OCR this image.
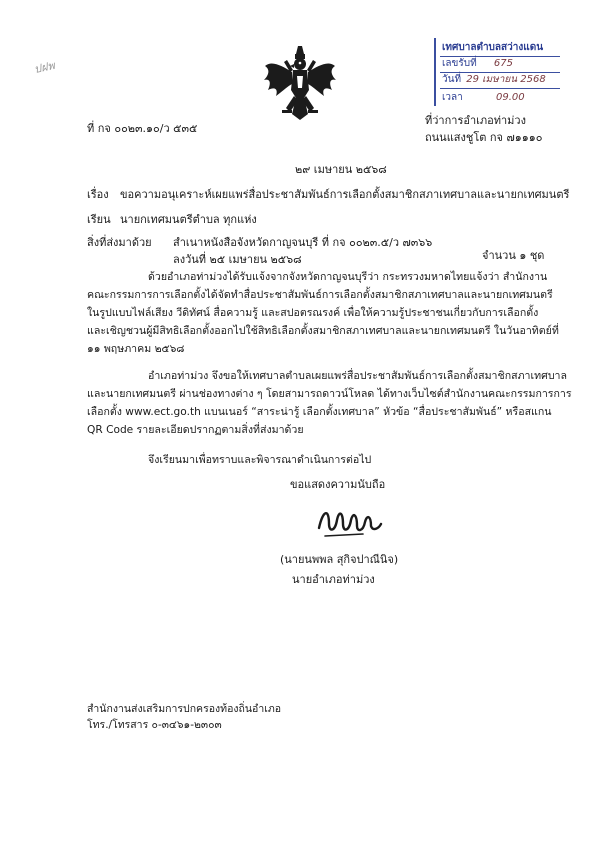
ปฝพ
เทศบาลตำบลสว่างแดน
เลขรับที่ 675
วันที่ 29 เมษายน 2568
เวลา	09.00
ที่ กจ ๐๐๒๓.๑๐/ว ๕๓๕
ที่ว่าการอำเภอท่าม่วง
ถนนแสงชูโต กจ ๗๑๑๑๐
๒๙ เมษายน ๒๕๖๘
เรื่อง ขอความอนุเคราะห์เผยแพร่สื่อประชาสัมพันธ์การเลือกตั้งสมาชิกสภาเทศบาลและนายกเทศมนตรี
เรียน นายกเทศมนตรีตำบล ทุกแห่ง
สิ่งที่ส่งมาด้วย สำเนาหนังสือจังหวัดกาญจนบุรี ที่ กจ ๐๐๒๓.๕/ว ๗๓๖๖
ลงวันที่ ๒๕ เมษายน ๒๕๖๘	จำนวน ๑ ชุด
ด้วยอำเภอท่าม่วงได้รับแจ้งจากจังหวัดกาญจนบุรีว่า กระทรวงมหาดไทยแจ้งว่า สำนักงาน
คณะกรรมการการเลือกตั้งได้จัดทำสื่อประชาสัมพันธ์การเลือกตั้งสมาชิกสภาเทศบาลและนายกเทศมนตรี
ในรูปแบบไฟล์เสียง วีดิทัศน์ สื่อความรู้ และสปอตรณรงค์ เพื่อให้ความรู้ประชาชนเกี่ยวกับการเลือกตั้ง
และเชิญชวนผู้มีสิทธิเลือกตั้งออกไปใช้สิทธิเลือกตั้งสมาชิกสภาเทศบาลและนายกเทศมนตรี ในวันอาทิตย์ที่
๑๑ พฤษภาคม ๒๕๖๘
อำเภอท่าม่วง จึงขอให้เทศบาลตำบลเผยแพร่สื่อประชาสัมพันธ์การเลือกตั้งสมาชิกสภาเทศบาล
และนายกเทศมนตรี ผ่านช่องทางต่าง ๆ โดยสามารถดาวน์โหลด ได้ทางเว็บไซต์สำนักงานคณะกรรมการการ
เลือกตั้ง www.ect.go.th แบนเนอร์ “สาระน่ารู้ เลือกตั้งเทศบาล” หัวข้อ “สื่อประชาสัมพันธ์” หรือสแกน
QR Code รายละเอียดปรากฏตามสิ่งที่ส่งมาด้วย
จึงเรียนมาเพื่อทราบและพิจารณาดำเนินการต่อไป
ขอแสดงความนับถือ
(นายนพพล สุกิจปาณีนิจ)
นายอำเภอท่าม่วง
สำนักงานส่งเสริมการปกครองท้องถิ่นอำเภอ
โทร./โทรสาร ๐-๓๔๖๑-๒๓๐๓
